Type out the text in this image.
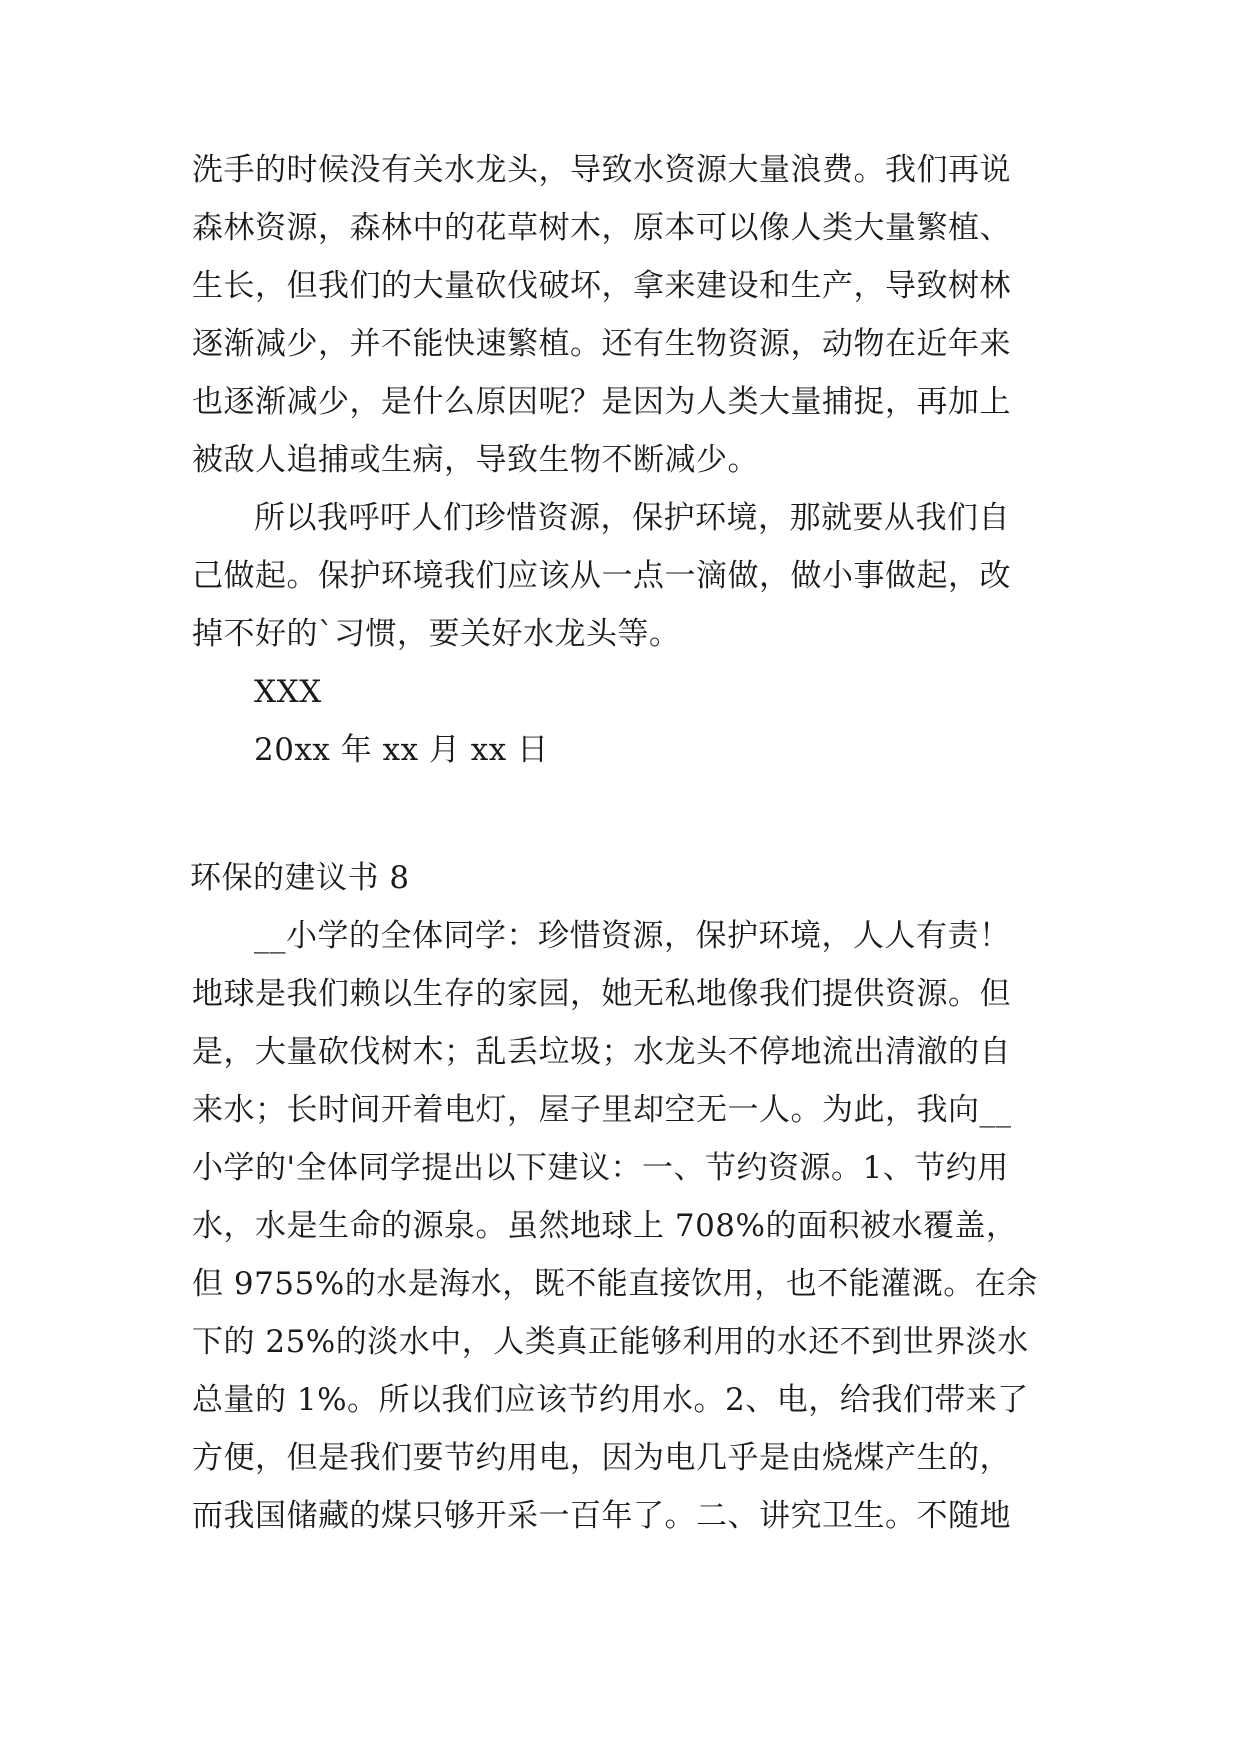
洗手的时候没有关水龙头，导致水资源大量浪费。我们再说
森林资源，森林中的花草树木，原本可以像人类大量繁植、
生长，但我们的大量砍伐破坏，拿来建设和生产，导致树林
逐渐减少，并不能快速繁植。还有生物资源，动物在近年来
也逐渐减少，是什么原因呢？是因为人类大量捕捉，再加上
被敌人追捕或生病，导致生物不断减少。
所以我呼吁人们珍惜资源，保护环境，那就要从我们自
己做起。保护环境我们应该从一点一滴做，做小事做起，改
掉不好的`习惯，要关好水龙头等。
XXX
20xx 年 xx 月 xx 日
环保的建议书 8
__小学的全体同学：珍惜资源，保护环境，人人有责！
地球是我们赖以生存的家园，她无私地像我们提供资源。但
是，大量砍伐树木；乱丢垃圾；水龙头不停地流出清澈的自
来水；长时间开着电灯，屋子里却空无一人。为此，我向__
小学的'全体同学提出以下建议：一、节约资源。1、节约用
水，水是生命的源泉。虽然地球上 708%的面积被水覆盖，
但 9755%的水是海水，既不能直接饮用，也不能灌溉。在余
下的 25%的淡水中，人类真正能够利用的水还不到世界淡水
总量的 1%。所以我们应该节约用水。2、电，给我们带来了
方便，但是我们要节约用电，因为电几乎是由烧煤产生的，
而我国储藏的煤只够开采一百年了。二、讲究卫生。不随地
